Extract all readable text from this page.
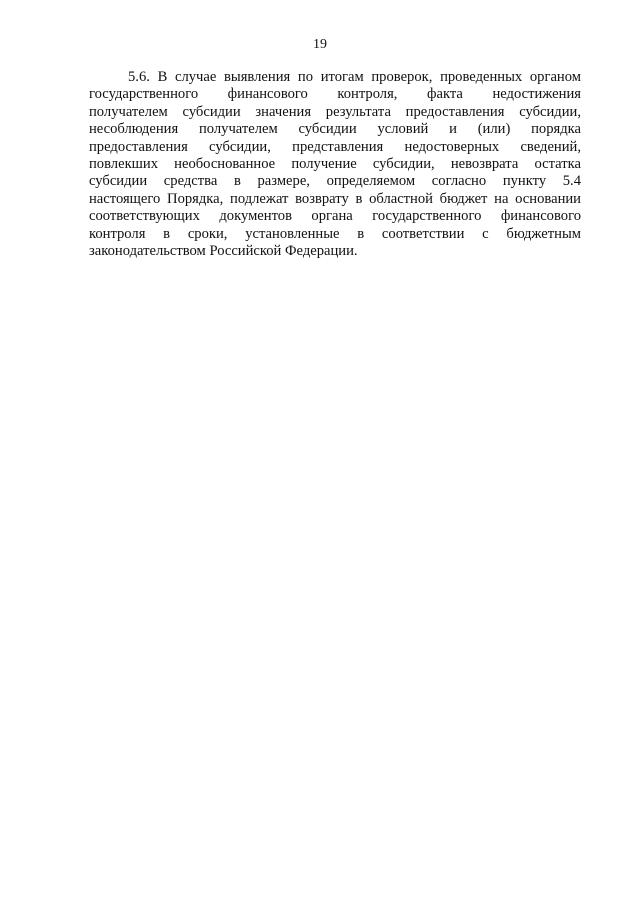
19

5.6. В случае выявления по итогам проверок, проведенных органом
государственного финансового контроля, факта недостижения
получателем субсидии значения результата предоставления субсидии,
несоблюдения получателем субсидии условий и (или) порядка
предоставления субсидии, представления недостоверных сведений,
повлекших необоснованное получение субсидии, невозврата остатка
субсидии средства в размере, определяемом согласно пункту 5.4
настоящего Порядка, подлежат возврату в областной бюджет на основании
соответствующих документов органа государственного финансового
контроля в сроки, установленные в соответствии с бюджетным
законодательством Российской Федерации.
